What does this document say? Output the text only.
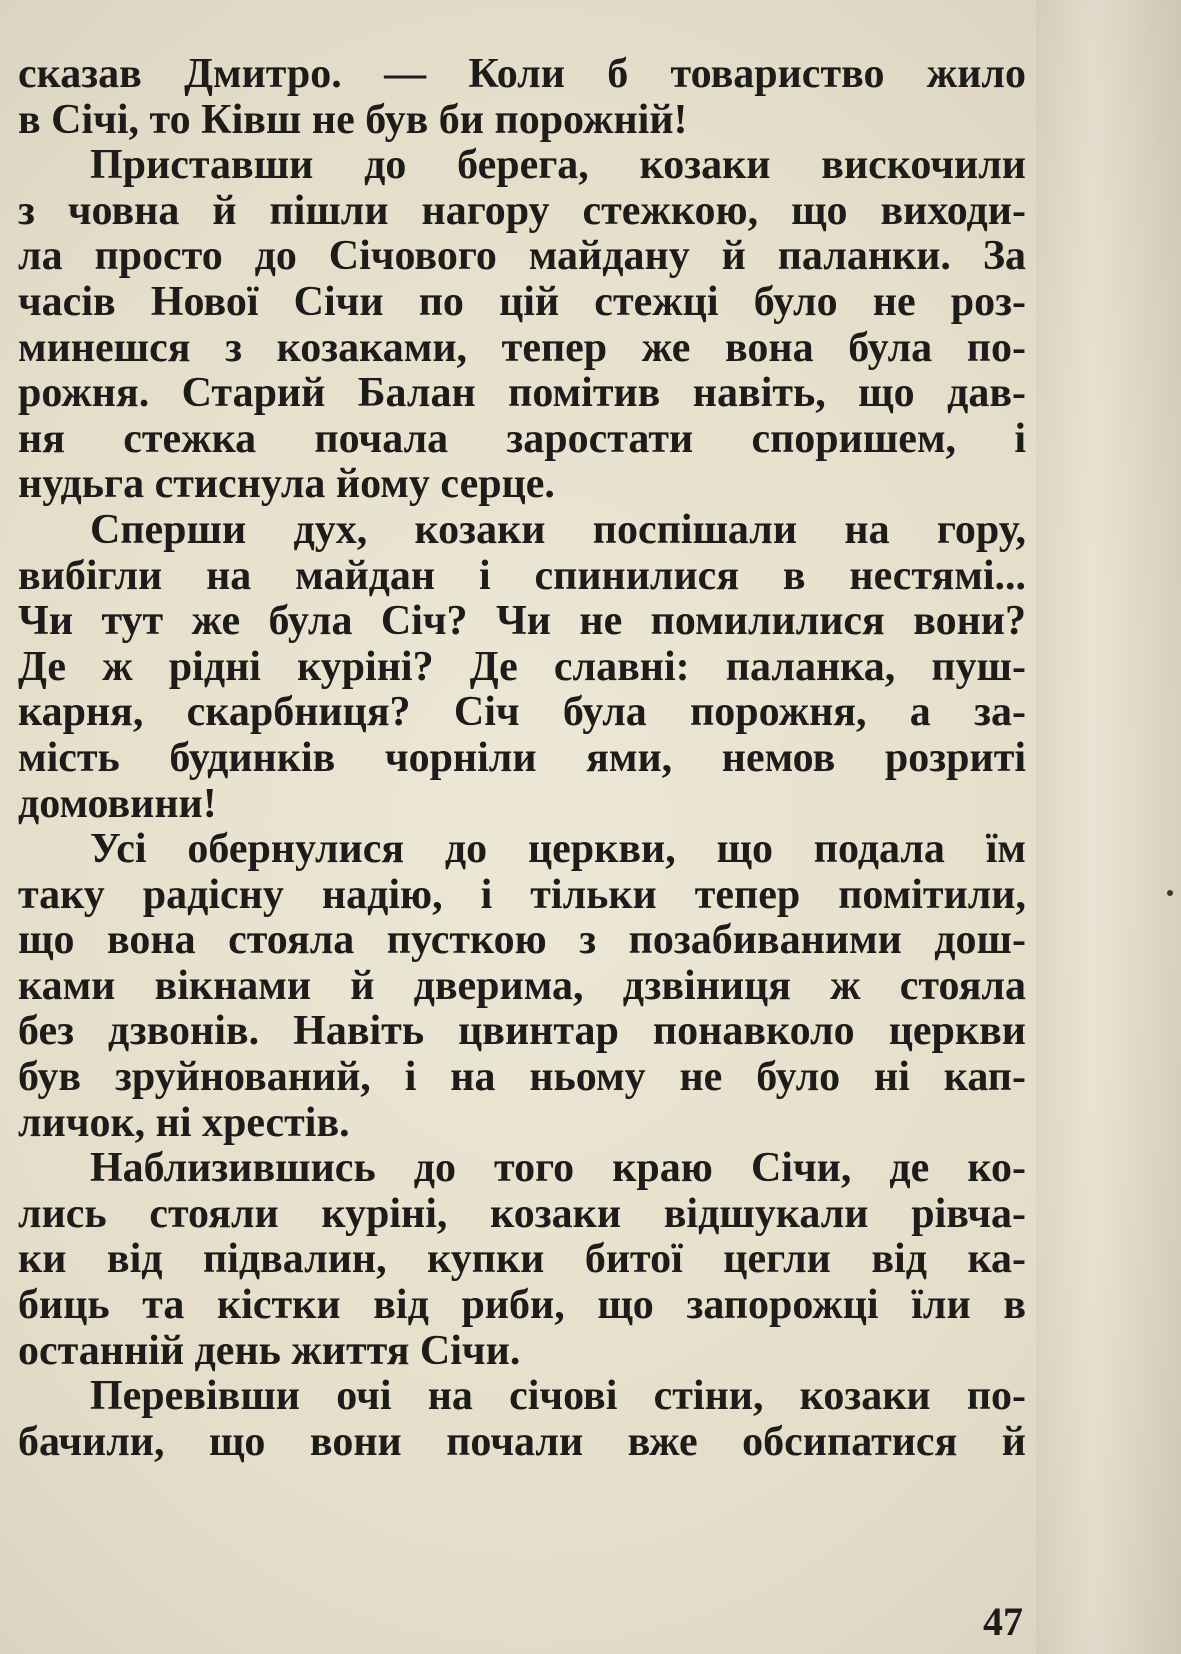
сказав Дмитро. — Коли б товариство жило
в Січі, то Ківш не був би порожній!
Приставши до берега, козаки вискочили
з човна й пішли нагору стежкою, що виходи-
ла просто до Січового майдану й паланки. За
часів Нової Січи по цій стежці було не роз-
минешся з козаками, тепер же вона була по-
рожня. Старий Балан помітив навіть, що дав-
ня стежка почала заростати споришем, і
нудьга стиснула йому серце.
Сперши дух, козаки поспішали на гору,
вибігли на майдан і спинилися в нестямі...
Чи тут же була Січ? Чи не помилилися вони?
Де ж рідні курінi? Де славні: паланка, пуш-
карня, скарбниця? Січ була порожня, а за-
мість будинків чорніли ями, немов розриті
домовини!
Усі обернулися до церкви, що подала їм
таку радісну надію, і тільки тепер помітили,
що вона стояла пусткою з позабиваними дош-
ками вікнами й дверима, дзвіниця ж стояла
без дзвонів. Навіть цвинтар понавколо церкви
був зруйнований, і на ньому не було ні кап-
личок, ні хрестів.
Наблизившись до того краю Січи, де ко-
лись стояли курінi, козаки відшукали рівча-
ки від підвалин, купки битої цегли від ка-
биць та кістки від риби, що запорожці їли в
останній день життя Січи.
Перевівши очі на січові стіни, козаки по-
бачили, що вони почали вже обсипатися й
47
